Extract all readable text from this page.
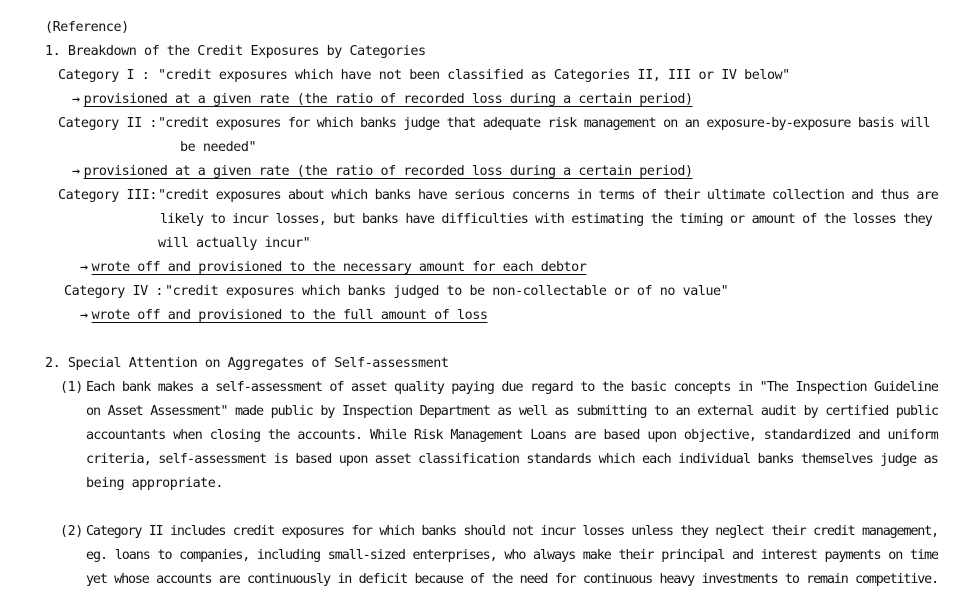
(Reference)
1. Breakdown of the Credit Exposures by Categories
Category I : "credit exposures which have not been classified as Categories II, III or IV below"
→ provisioned at a given rate (the ratio of recorded loss during a certain period)
Category II : "credit exposures for which banks judge that adequate risk management on an exposure-by-exposure basis will
be needed"
→ provisioned at a given rate (the ratio of recorded loss during a certain period)
Category III: "credit exposures about which banks have serious concerns in terms of their ultimate collection and thus are
likely to incur losses, but banks have difficulties with estimating the timing or amount of the losses they
will actually incur"
→ wrote off and provisioned to the necessary amount for each debtor
Category IV : "credit exposures which banks judged to be non-collectable or of no value"
→ wrote off and provisioned to the full amount of loss
2. Special Attention on Aggregates of Self-assessment
(1) Each bank makes a self-assessment of asset quality paying due regard to the basic concepts in "The Inspection Guideline
on Asset Assessment" made public by Inspection Department as well as submitting to an external audit by certified public
accountants when closing the accounts. While Risk Management Loans are based upon objective, standardized and uniform
criteria, self-assessment is based upon asset classification standards which each individual banks themselves judge as
being appropriate.
(2) Category II includes credit exposures for which banks should not incur losses unless they neglect their credit management,
eg. loans to companies, including small-sized enterprises, who always make their principal and interest payments on time
yet whose accounts are continuously in deficit because of the need for continuous heavy investments to remain competitive.
